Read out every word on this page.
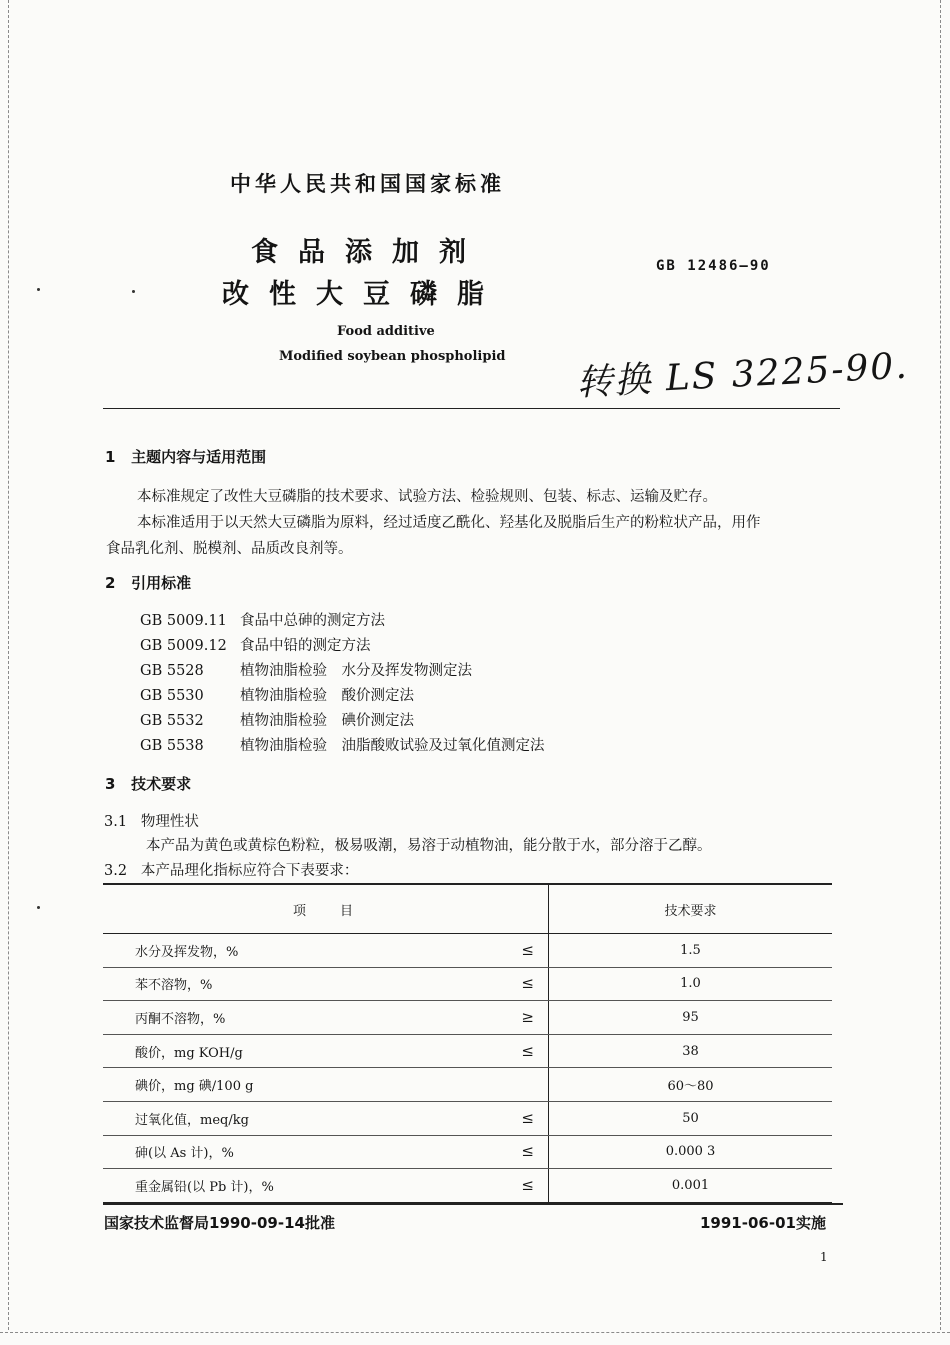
中华人民共和国国家标准
食品添加剂
改性大豆磷脂
GB 12486—90
Food additive
Modified soybean phospholipid 转换 LS 3225-90.
1 主题内容与适用范围
本标准规定了改性大豆磷脂的技术要求、试验方法、检验规则、包装、标志、运输及贮存。
本标准适用于以天然大豆磷脂为原料，经过适度乙酰化、羟基化及脱脂后生产的粉粒状产品，用作
食品乳化剂、脱模剂、品质改良剂等。
2 引用标准
GB 5009.11 食品中总砷的测定方法
GB 5009.12 食品中铅的测定方法
GB 5528	植物油脂检验　水分及挥发物测定法
GB 5530	植物油脂检验　酸价测定法
GB 5532	植物油脂检验　碘价测定法
GB 5538	植物油脂检验　油脂酸败试验及过氧化值测定法
3 技术要求
3.1 物理性状
本产品为黄色或黄棕色粉粒，极易吸潮，易溶于动植物油，能分散于水，部分溶于乙醇。
3.2 本产品理化指标应符合下表要求：
项目	技术要求
水分及挥发物，% ≤	1.5
苯不溶物，% ≤	1.0
丙酮不溶物，% ≥	95
酸价，mg KOH/g ≤	38
碘价，mg 碘/100 g	60～80
过氧化值，meq/kg ≤	50
砷(以 As 计)，% ≤	0.000 3
重金属铅(以 Pb 计)，% ≤	0.001
国家技术监督局1990-09-14批准	1991-06-01实施
1
